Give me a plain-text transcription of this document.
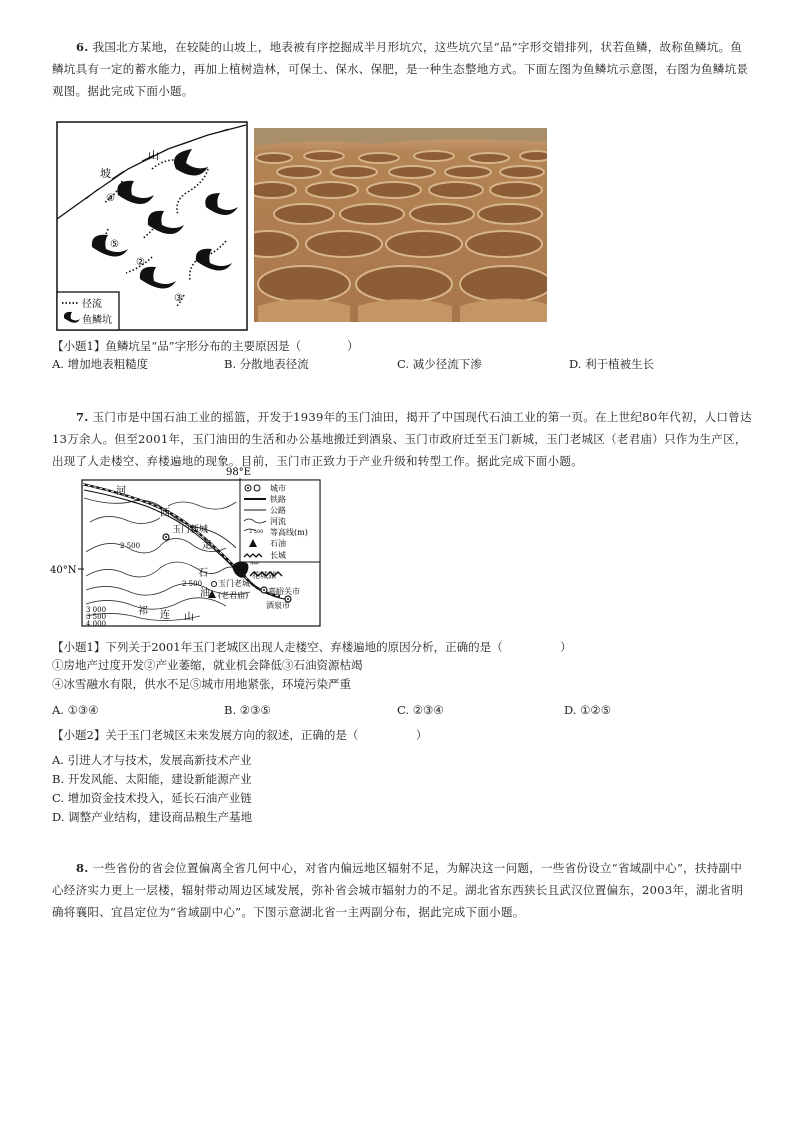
6. 我国北方某地，在较陡的山坡上，地表被有序挖掘成半月形坑穴，这些坑穴呈“品”字形交错排列，状若鱼鳞，故称鱼鳞坑。鱼鳞坑具有一定的蓄水能力，再加上植树造林，可保土、保水、保肥，是一种生态整地方式。下面左图为鱼鳞坑示意图，右图为鱼鳞坑景观图。据此完成下面小题。
山
坡
④
⑤
②
③
径流
鱼鳞坑
【小题1】鱼鳞坑呈“品”字形分布的主要原因是（　　　　）
A. 增加地表粗糙度	B. 分散地表径流	C. 减少径流下渗	D. 利于植被生长
7. 玉门市是中国石油工业的摇篮，开发于1939年的玉门油田，揭开了中国现代石油工业的第一页。在上世纪80年代初，人口曾达13万余人。但至2001年，玉门油田的生活和办公基地搬迁到酒泉、玉门市政府迁至玉门新城，玉门老城区（老君庙）只作为生产区，出现了人走楼空、弃楼遍地的现象。目前，玉门市正致力于产业升级和转型工作。据此完成下面小题。
98°E
40°N
河
西
走
石
油
祁 连 山
玉门新城
玉门老城
(老君庙) 嘉峪关市
酒泉市
花城湖
2 500
2 500
3 000
3 500
4 000
城市
铁路
公路
河流
2 500 等高线(m)
石油
长城
【小题1】下列关于2001年玉门老城区出现人走楼空、弃楼遍地的原因分析，正确的是（　　　　　）
①房地产过度开发②产业萎缩，就业机会降低③石油资源枯竭
④冰雪融水有限，供水不足⑤城市用地紧张，环境污染严重
A. ①③④	B. ②③⑤	C. ②③④	D. ①②⑤
【小题2】关于玉门老城区未来发展方向的叙述，正确的是（　　　　　）
A. 引进人才与技术，发展高新技术产业
B. 开发风能、太阳能，建设新能源产业
C. 增加资金技术投入，延长石油产业链
D. 调整产业结构，建设商品粮生产基地
8. 一些省份的省会位置偏离全省几何中心，对省内偏远地区辐射不足，为解决这一问题，一些省份设立“省域副中心”，扶持副中心经济实力更上一层楼，辐射带动周边区域发展，弥补省会城市辐射力的不足。湖北省东西狭长且武汉位置偏东，2003年，湖北省明确将襄阳、宜昌定位为“省域副中心”。下图示意湖北省一主两副分布，据此完成下面小题。
